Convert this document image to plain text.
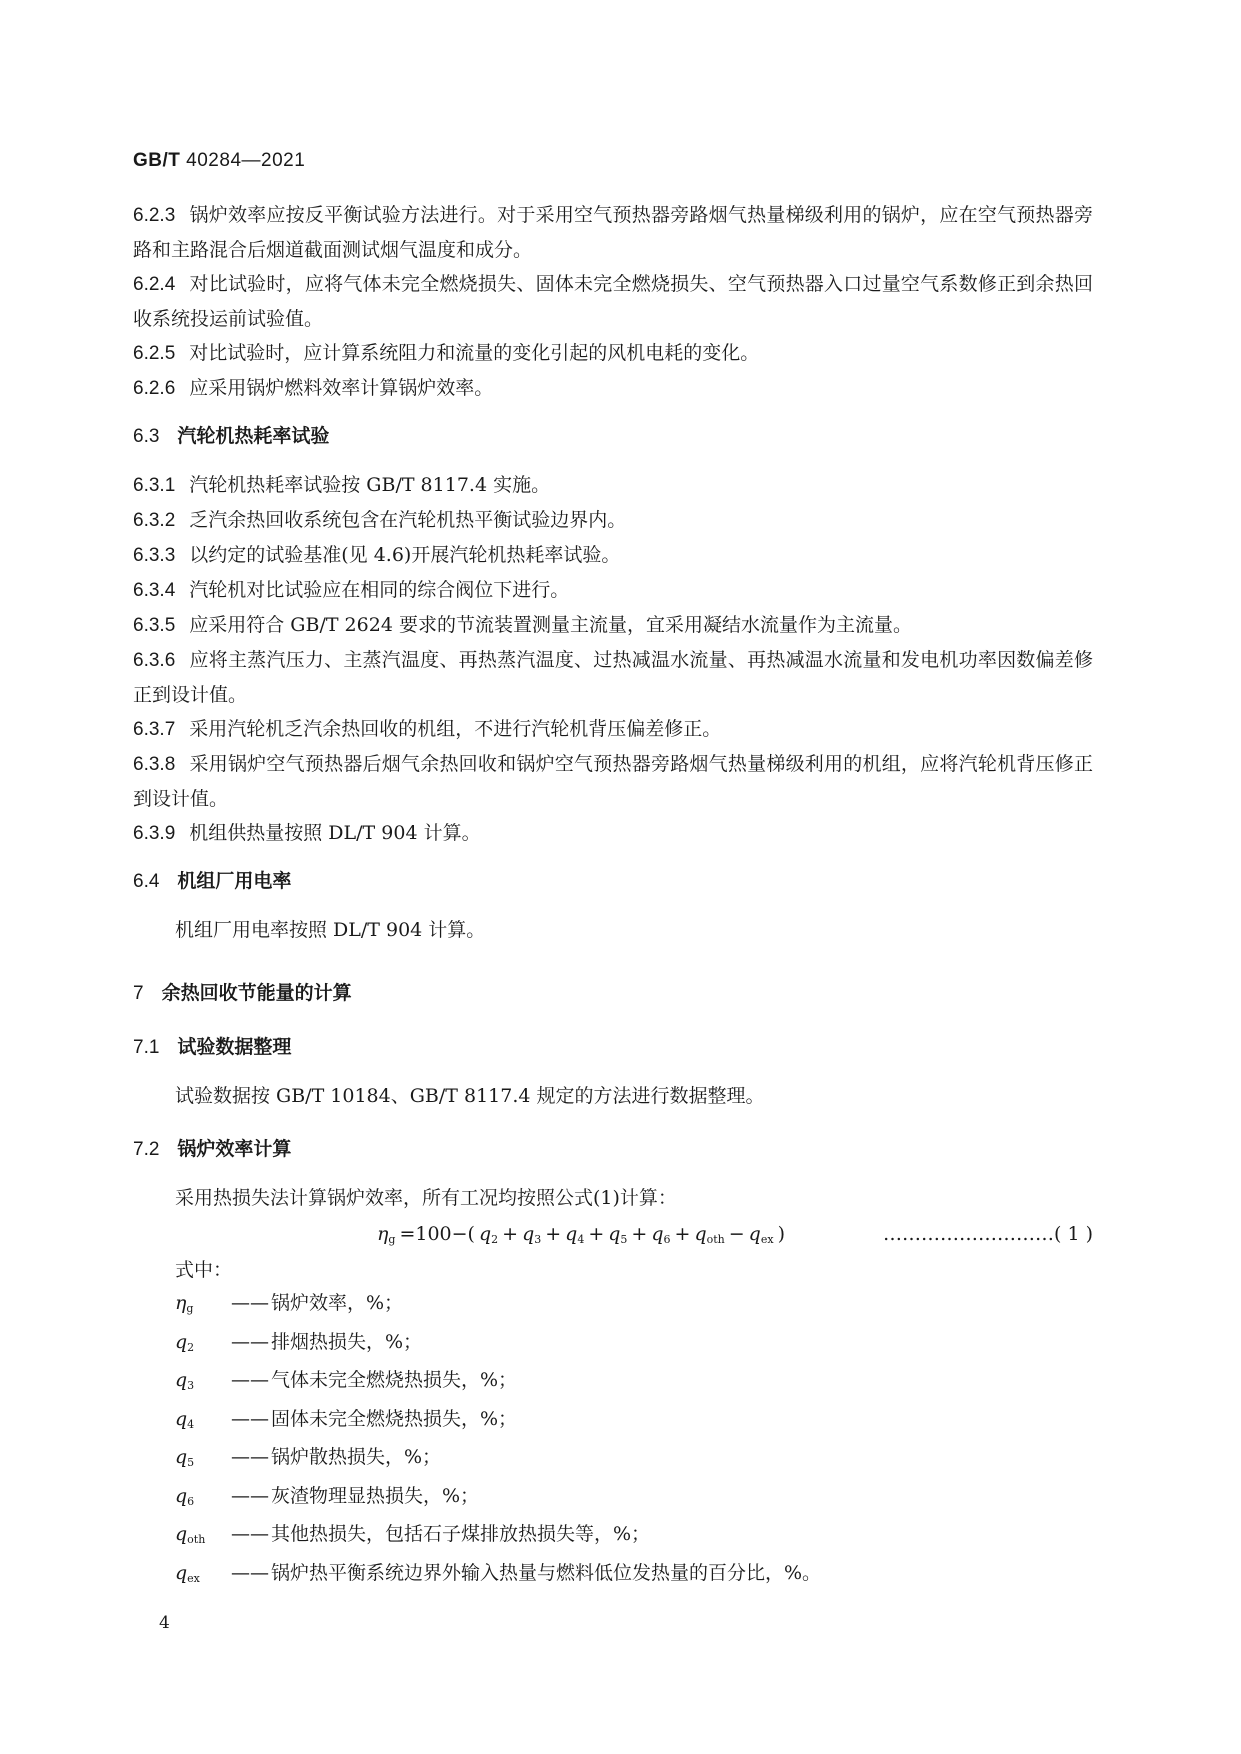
GB/T 40284—2021

6.2.3 锅炉效率应按反平衡试验方法进行。对于采用空气预热器旁路烟气热量梯级利用的锅炉，应在空气预热器旁路和主路混合后烟道截面测试烟气温度和成分。

6.2.4 对比试验时，应将气体未完全燃烧损失、固体未完全燃烧损失、空气预热器入口过量空气系数修正到余热回收系统投运前试验值。

6.2.5 对比试验时，应计算系统阻力和流量的变化引起的风机电耗的变化。

6.2.6 应采用锅炉燃料效率计算锅炉效率。

6.3 汽轮机热耗率试验

6.3.1 汽轮机热耗率试验按 GB/T 8117.4 实施。

6.3.2 乏汽余热回收系统包含在汽轮机热平衡试验边界内。

6.3.3 以约定的试验基准(见 4.6)开展汽轮机热耗率试验。

6.3.4 汽轮机对比试验应在相同的综合阀位下进行。

6.3.5 应采用符合 GB/T 2624 要求的节流装置测量主流量，宜采用凝结水流量作为主流量。

6.3.6 应将主蒸汽压力、主蒸汽温度、再热蒸汽温度、过热减温水流量、再热减温水流量和发电机功率因数偏差修正到设计值。

6.3.7 采用汽轮机乏汽余热回收的机组，不进行汽轮机背压偏差修正。

6.3.8 采用锅炉空气预热器后烟气余热回收和锅炉空气预热器旁路烟气热量梯级利用的机组，应将汽轮机背压修正到设计值。

6.3.9 机组供热量按照 DL/T 904 计算。

6.4 机组厂用电率

机组厂用电率按照 DL/T 904 计算。

7 余热回收节能量的计算

7.1 试验数据整理

试验数据按 GB/T 10184、GB/T 8117.4 规定的方法进行数据整理。

7.2 锅炉效率计算

采用热损失法计算锅炉效率，所有工况均按照公式(1)计算：

$\eta_g =100-$( $q_2 + q_3 + q_4 + q_5 + q_6 + q_{oth} - q_{ex}$ )	………………………( 1 )

式中：

$\eta_g$	—— 锅炉效率，%；
$q_2$	—— 排烟热损失，%；
$q_3$	—— 气体未完全燃烧热损失，%；
$q_4$	—— 固体未完全燃烧热损失，%；
$q_5$	—— 锅炉散热损失，%；
$q_6$	—— 灰渣物理显热损失，%；
$q_{oth}$	—— 其他热损失，包括石子煤排放热损失等，%；
$q_{ex}$	—— 锅炉热平衡系统边界外输入热量与燃料低位发热量的百分比，%。
4
